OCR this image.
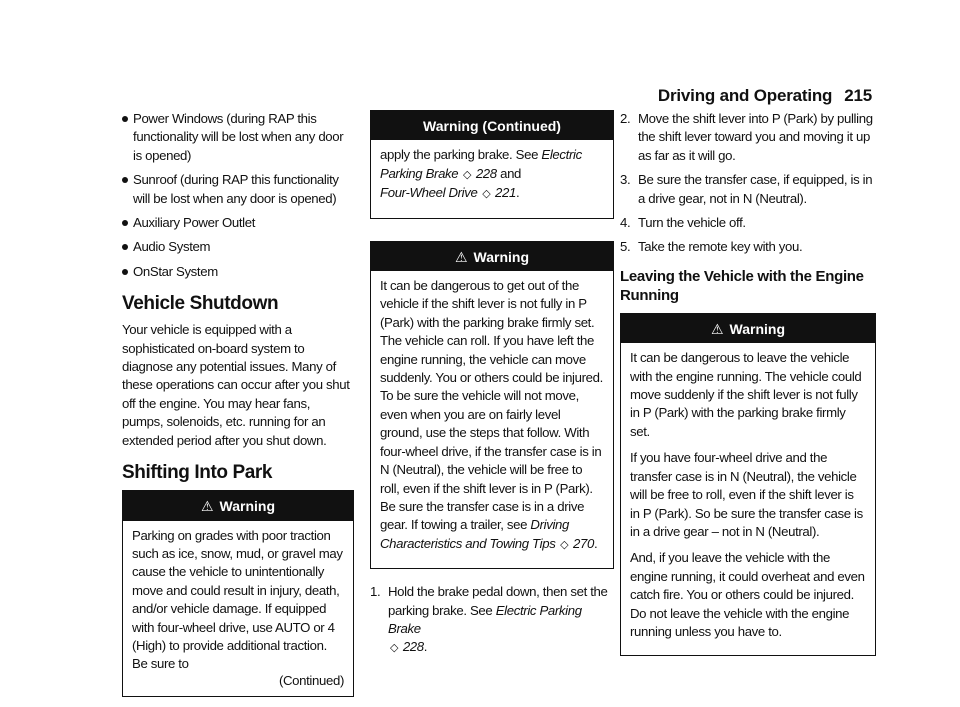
Driving and Operating 215
Power Windows (during RAP this functionality will be lost when any door is opened)
Sunroof (during RAP this functionality will be lost when any door is opened)
Auxiliary Power Outlet
Audio System
OnStar System
Vehicle Shutdown

Your vehicle is equipped with a sophisticated on-board system to diagnose any potential issues. Many of these operations can occur after you shut off the engine. You may hear fans, pumps, solenoids, etc. running for an extended period after you shut down.

Shifting Into Park
⚠ Warning
Parking on grades with poor traction such as ice, snow, mud, or gravel may cause the vehicle to unintentionally move and could result in injury, death, and/or vehicle damage. If equipped with four-wheel drive, use AUTO or 4 (High) to provide additional traction. Be sure to
(Continued)
Warning (Continued)

apply the parking brake. See Electric Parking Brake ◇ 228 and
Four-Wheel Drive ◇ 221.

⚠ Warning

It can be dangerous to get out of the vehicle if the shift lever is not fully in P (Park) with the parking brake firmly set. The vehicle can roll. If you have left the engine running, the vehicle can move suddenly. You or others could be injured. To be sure the vehicle will not move, even when you are on fairly level ground, use the steps that follow. With four-wheel drive, if the transfer case is in N (Neutral), the vehicle will be free to roll, even if the shift lever is in P (Park). Be sure the transfer case is in a drive gear. If towing a trailer, see Driving Characteristics and Towing Tips ◇ 270.

1. Hold the brake pedal down, then set the parking brake. See Electric Parking Brake
◇ 228.
2. Move the shift lever into P (Park) by pulling the shift lever toward you and moving it up as far as it will go.
3. Be sure the transfer case, if equipped, is in a drive gear, not in N (Neutral).
4. Turn the vehicle off.
5. Take the remote key with you.
Leaving the Vehicle with the Engine Running
⚠ Warning

It can be dangerous to leave the vehicle with the engine running. The vehicle could move suddenly if the shift lever is not fully in P (Park) with the parking brake firmly set.

If you have four-wheel drive and the transfer case is in N (Neutral), the vehicle will be free to roll, even if the shift lever is in P (Park). So be sure the transfer case is in a drive gear – not in N (Neutral).

And, if you leave the vehicle with the engine running, it could overheat and even catch fire. You or others could be injured. Do not leave the vehicle with the engine running unless you have to.
